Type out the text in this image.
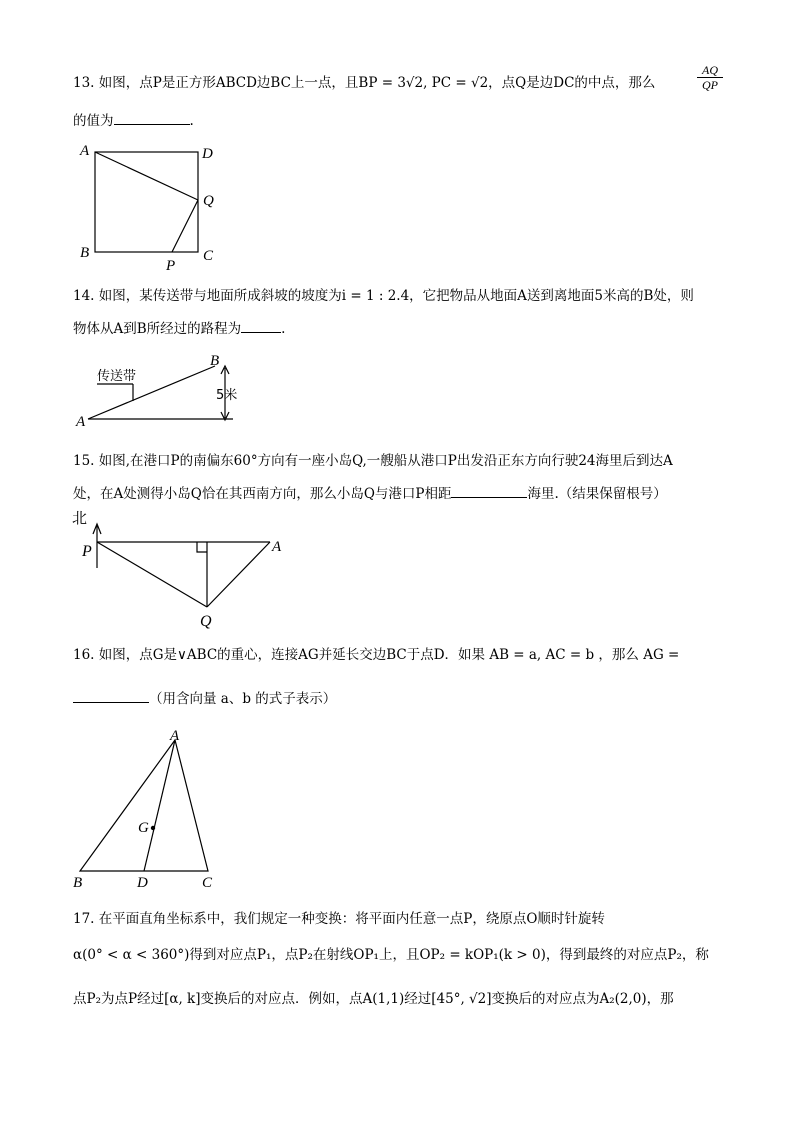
13. 如图，点P是正方形ABCD边BC上一点，且BP = 3√2, PC = √2，点Q是边DC的中点，那么	$\frac{AQ}{QP}$
的值为	.
A	D
Q
B
P
C
传送带
B
A
5米
北
P	A
Q
A
G
B	D	C
14. 如图，某传送带与地面所成斜坡的坡度为i = 1 : 2.4，它把物品从地面A送到离地面5米高的B处，则
物体从A到B所经过的路程为	.
15. 如图,在港口P的南偏东60°方向有一座小岛Q,一艘船从港口P出发沿正东方向行驶24海里后到达A
处，在A处测得小岛Q恰在其西南方向，那么小岛Q与港口P相距	海里.（结果保留根号）
16. 如图，点G是∨ABC的重心，连接AG并延长交边BC于点D．如果 AB = a, AC = b ，那么 AG =
（用含向量 a、b 的式子表示）
17. 在平面直角坐标系中，我们规定一种变换：将平面内任意一点P，绕原点O顺时针旋转
α(0° < α < 360°)得到对应点P₁，点P₂在射线OP₁上，且OP₂ = kOP₁(k > 0)，得到最终的对应点P₂，称
点P₂为点P经过[α, k]变换后的对应点．例如，点A(1,1)经过[45°, √2]变换后的对应点为A₂(2,0)，那
